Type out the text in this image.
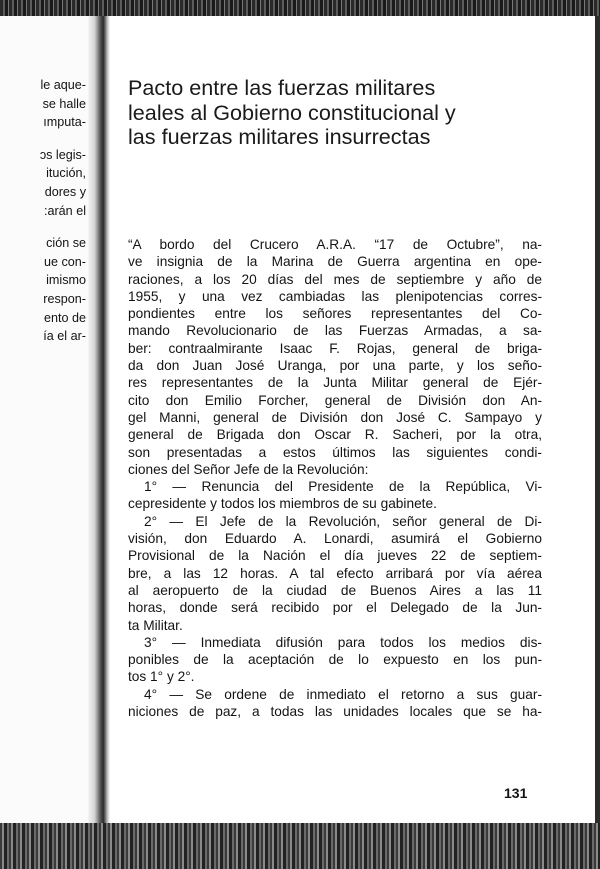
le aque-
se halle
ımputa-
ɔs legis-
itución,
dores y
:arán el
ción se
ue con-
imismo
respon-
ento de
ía el ar-
Pacto entre las fuerzas militares
leales al Gobierno constitucional y
las fuerzas militares insurrectas
“A bordo del Crucero A.R.A. “17 de Octubre”, na-
ve insignia de la Marina de Guerra argentina en ope-
raciones, a los 20 días del mes de septiembre y año de
1955, y una vez cambiadas las plenipotencias corres-
pondientes entre los señores representantes del Co-
mando Revolucionario de las Fuerzas Armadas, a sa-
ber: contraalmirante Isaac F. Rojas, general de briga-
da don Juan José Uranga, por una parte, y los seño-
res representantes de la Junta Militar general de Ejér-
cito don Emilio Forcher, general de División don An-
gel Manni, general de División don José C. Sampayo y
general de Brigada don Oscar R. Sacheri, por la otra,
son presentadas a estos últimos las siguientes condi-
ciones del Señor Jefe de la Revolución:
1° — Renuncia del Presidente de la República, Vi-
cepresidente y todos los miembros de su gabinete.
2° — El Jefe de la Revolución, señor general de Di-
visión, don Eduardo A. Lonardi, asumirá el Gobierno
Provisional de la Nación el día jueves 22 de septiem-
bre, a las 12 horas. A tal efecto arribará por vía aérea
al aeropuerto de la ciudad de Buenos Aires a las 11
horas, donde será recibido por el Delegado de la Jun-
ta Militar.
3° — Inmediata difusión para todos los medios dis-
ponibles de la aceptación de lo expuesto en los pun-
tos 1° y 2°.
4° — Se ordene de inmediato el retorno a sus guar-
niciones de paz, a todas las unidades locales que se ha-
131
